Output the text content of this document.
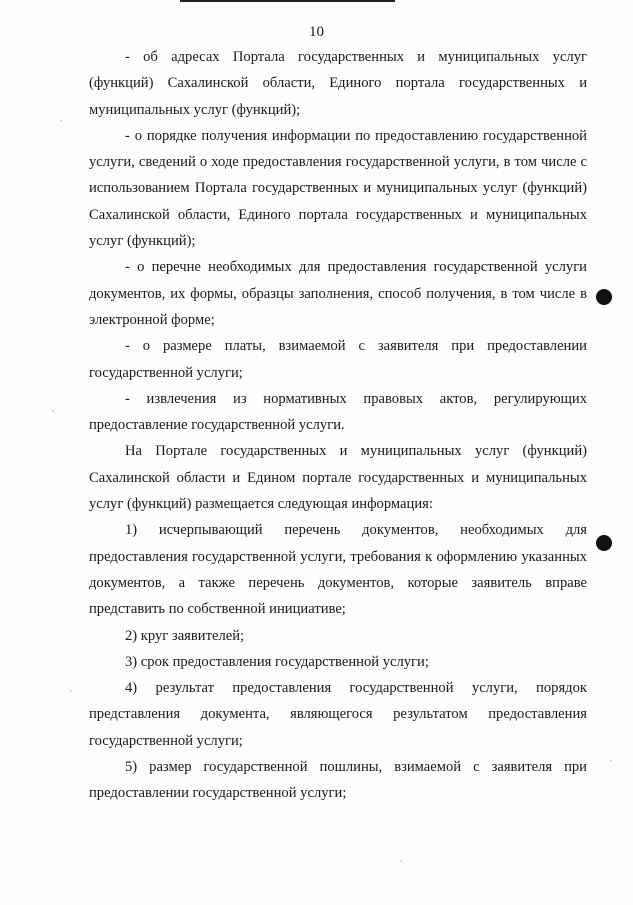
10

- об адресах Портала государственных и муниципальных услуг (функций) Сахалинской области, Единого портала государственных и муниципальных услуг (функций);

- о порядке получения информации по предоставлению государственной услуги, сведений о ходе предоставления государственной услуги, в том числе с использованием Портала государственных и муниципальных услуг (функций) Сахалинской области, Единого портала государственных и муниципальных услуг (функций);

- о перечне необходимых для предоставления государственной услуги документов, их формы, образцы заполнения, способ получения, в том числе в электронной форме;

- о размере платы, взимаемой с заявителя при предоставлении государственной услуги;

- извлечения из нормативных правовых актов, регулирующих предоставление государственной услуги.

На Портале государственных и муниципальных услуг (функций) Сахалинской области и Едином портале государственных и муниципальных услуг (функций) размещается следующая информация:

1) исчерпывающий перечень документов, необходимых для предоставления государственной услуги, требования к оформлению указанных документов, а также перечень документов, которые заявитель вправе представить по собственной инициативе;

2) круг заявителей;

3) срок предоставления государственной услуги;

4) результат предоставления государственной услуги, порядок представления документа, являющегося результатом предоставления государственной услуги;

5) размер государственной пошлины, взимаемой с заявителя при предоставлении государственной услуги;
